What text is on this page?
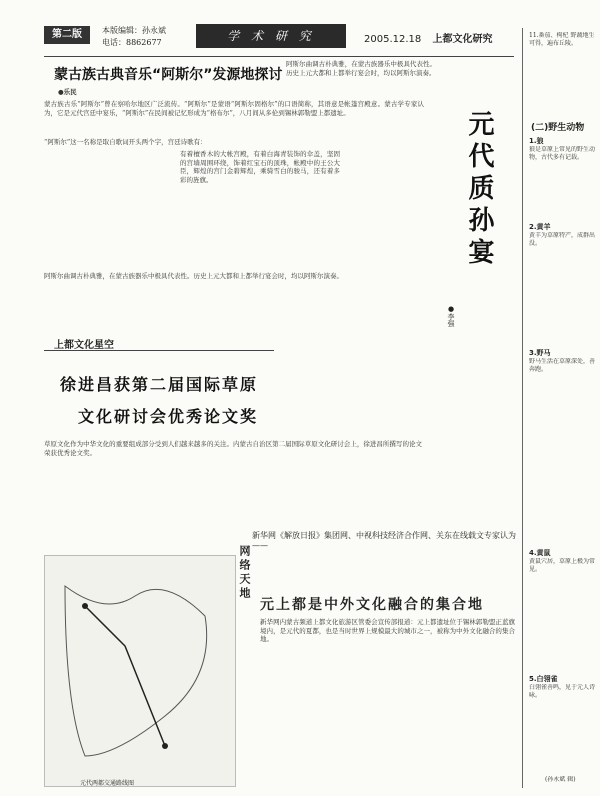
第二版	本版编辑：孙永斌
电话：8862677	学 术 研 究	2005.12.18 上都文化研究
蒙古族古典音乐“阿斯尔”发源地探讨
●乐民
蒙古族古乐“阿斯尔”曾在察哈尔地区广泛流传。“阿斯尔”是蒙语“阿斯尔固格尔”的口语简称，其语意是帐篷宫殿意。蒙古学专家认为，它是元代宫廷中宴乐，“阿斯尔”在民间被记忆形成为“格布尔”，八月间从多伦到锡林郭勒盟上都遗址。
“阿斯尔”这一名称是取自歌词开头两个字，宫廷诗歌有：
有着檀香木的大帐宫殿，有着白海青装饰的伞盖，坚固的宫墙周围环绕，饰着红宝石的顶珠，帐殿中的王公大臣，辉煌的宫门金碧辉煌，乘骑雪白的骏马，还有着多彩的旌旗。
阿斯尔曲调古朴典雅，在蒙古族器乐中极具代表性。历史上元大都和上都举行宴会时，均以阿斯尔演奏。
元代质孙宴
●李强
阿斯尔曲调古朴典雅，在蒙古族器乐中极具代表性。历史上元大都和上都举行宴会时，均以阿斯尔演奏。
上都文化星空
徐进昌获第二届国际草原
文化研讨会优秀论文奖
草原文化作为中华文化的重要组成部分受到人们越来越多的关注。内蒙古自治区第二届国际草原文化研讨会上，徐进昌所撰写的论文荣获优秀论文奖。
新华网《解放日报》集团网、中视科技经济合作网、关东在线载文专家认为——
元上都是中外文化融合的集合地
网络天地
元代两都交通路线图
新华网内蒙古频道上都文化旅游区管委会宣传部报道：元上都遗址位于锡林郭勒盟正蓝旗境内，是元代的夏都，也是当时世界上规模最大的城市之一，被称为中外文化融合的集合地。
11.番茄、枸杞 野蔬地生可得，遍布丘陵。
(二)野生动物
1.狼
狼是草原上常见的野生动物，古代多有记载。
2.黄羊
黄羊为草原特产，成群出没。
3.野马
野马生活在草原深处，善奔跑。
4.黄鼠
黄鼠穴居，草原上极为常见。
5.白翎雀
白翎雀善鸣，见于元人诗咏。
(孙永斌 辑)
